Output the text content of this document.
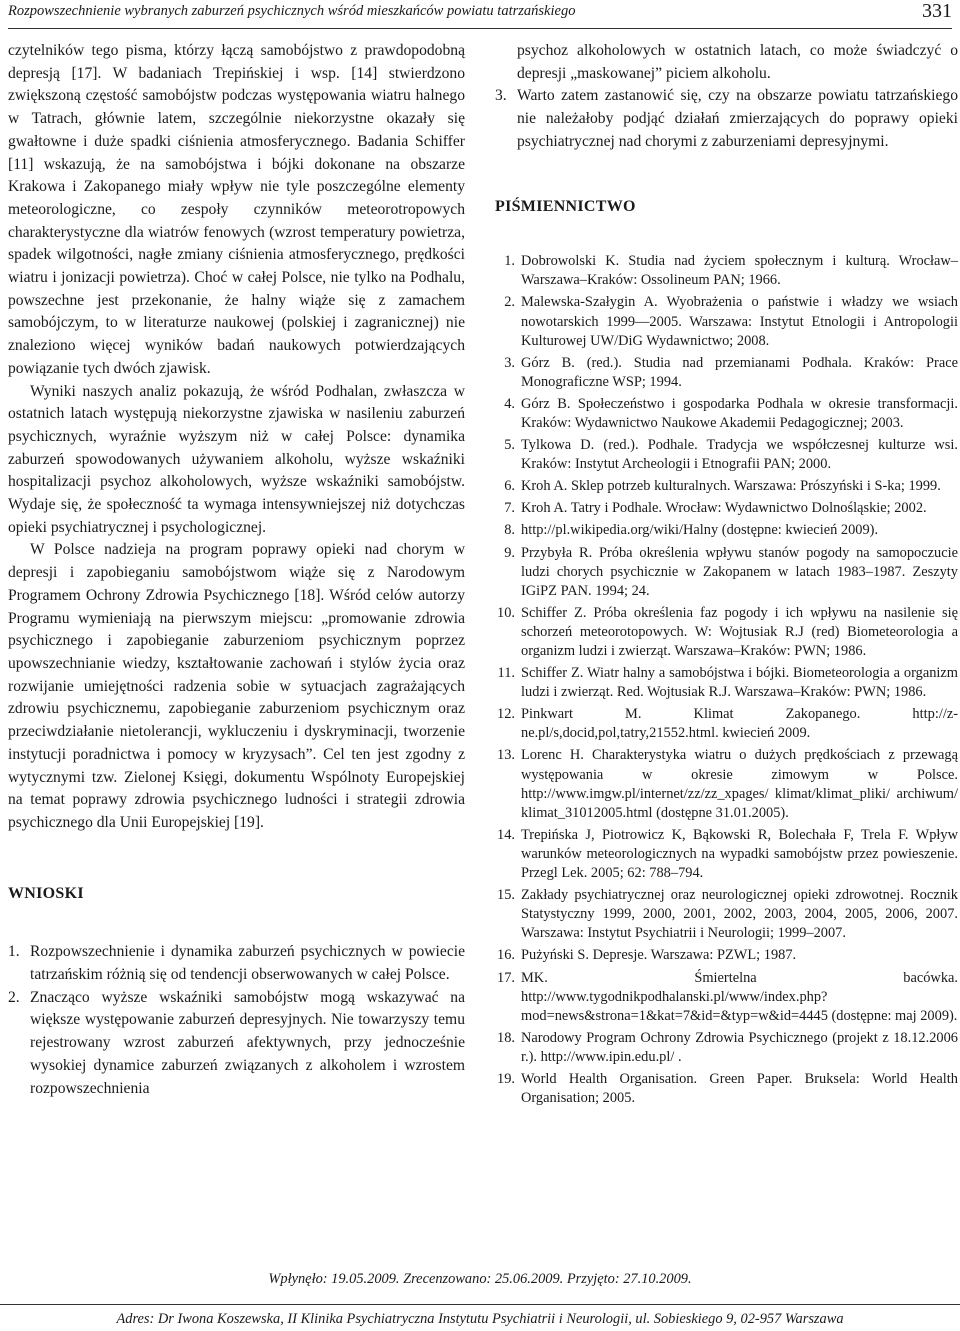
Rozpowszechnienie wybranych zaburzeń psychicznych wśród mieszkańców powiatu tatrzańskiego	331

czytelników tego pisma, którzy łączą samobójstwo z prawdopodobną depresją [17]. W badaniach Trepińskiej i wsp. [14] stwierdzono zwiększoną częstość samobójstw podczas występowania wiatru halnego w Tatrach, głównie latem, szczególnie niekorzystne okazały się gwałtowne i duże spadki ciśnienia atmosferycznego. Badania Schiffer [11] wskazują, że na samobójstwa i bójki dokonane na obszarze Krakowa i Zakopanego miały wpływ nie tyle poszczególne elementy meteorologiczne, co zespoły czynników meteorotropowych charakterystyczne dla wiatrów fenowych (wzrost temperatury powietrza, spadek wilgotności, nagłe zmiany ciśnienia atmosferycznego, prędkości wiatru i jonizacji powietrza). Choć w całej Polsce, nie tylko na Podhalu, powszechne jest przekonanie, że halny wiąże się z zamachem samobójczym, to w literaturze naukowej (polskiej i zagranicznej) nie znaleziono więcej wyników badań naukowych potwierdzających powiązanie tych dwóch zjawisk.

Wyniki naszych analiz pokazują, że wśród Podhalan, zwłaszcza w ostatnich latach występują niekorzystne zjawiska w nasileniu zaburzeń psychicznych, wyraźnie wyższym niż w całej Polsce: dynamika zaburzeń spowodowanych używaniem alkoholu, wyższe wskaźniki hospitalizacji psychoz alkoholowych, wyższe wskaźniki samobójstw. Wydaje się, że społeczność ta wymaga intensywniejszej niż dotychczas opieki psychiatrycznej i psychologicznej.

W Polsce nadzieja na program poprawy opieki nad chorym w depresji i zapobieganiu samobójstwom wiąże się z Narodowym Programem Ochrony Zdrowia Psychicznego [18]. Wśród celów autorzy Programu wymieniają na pierwszym miejscu: „promowanie zdrowia psychicznego i zapobieganie zaburzeniom psychicznym poprzez upowszechnianie wiedzy, kształtowanie zachowań i stylów życia oraz rozwijanie umiejętności radzenia sobie w sytuacjach zagrażających zdrowiu psychicznemu, zapobieganie zaburzeniom psychicznym oraz przeciwdziałanie nietolerancji, wykluczeniu i dyskryminacji, tworzenie instytucji poradnictwa i pomocy w kryzysach”. Cel ten jest zgodny z wytycznymi tzw. Zielonej Księgi, dokumentu Wspólnoty Europejskiej na temat poprawy zdrowia psychicznego ludności i strategii zdrowia psychicznego dla Unii Europejskiej [19].

WNIOSKI
1. Rozpowszechnienie i dynamika zaburzeń psychicznych w powiecie tatrzańskim różnią się od tendencji obserwowanych w całej Polsce.
2. Znacząco wyższe wskaźniki samobójstw mogą wskazywać na większe występowanie zaburzeń depresyjnych. Nie towarzyszy temu rejestrowany wzrost zaburzeń afektywnych, przy jednocześnie wysokiej dynamice zaburzeń związanych z alkoholem i wzrostem rozpowszechnienia
psychoz alkoholowych w ostatnich latach, co może świadczyć o depresji „maskowanej” piciem alkoholu.
3. Warto zatem zastanowić się, czy na obszarze powiatu tatrzańskiego nie należałoby podjąć działań zmierzających do poprawy opieki psychiatrycznej nad chorymi z zaburzeniami depresyjnymi.
PIŚMIENNICTWO
1. Dobrowolski K. Studia nad życiem społecznym i kulturą. Wrocław–Warszawa–Kraków: Ossolineum PAN; 1966.
2. Malewska-Szałygin A. Wyobrażenia o państwie i władzy we wsiach nowotarskich 1999—2005. Warszawa: Instytut Etnologii i Antropologii Kulturowej UW/DiG Wydawnictwo; 2008.
3. Górz B. (red.). Studia nad przemianami Podhala. Kraków: Prace Monograficzne WSP; 1994.
4. Górz B. Społeczeństwo i gospodarka Podhala w okresie transformacji. Kraków: Wydawnictwo Naukowe Akademii Pedagogicznej; 2003.
5. Tylkowa D. (red.). Podhale. Tradycja we współczesnej kulturze wsi. Kraków: Instytut Archeologii i Etnografii PAN; 2000.
6. Kroh A. Sklep potrzeb kulturalnych. Warszawa: Prószyński i S-ka; 1999.
7. Kroh A. Tatry i Podhale. Wrocław: Wydawnictwo Dolnośląskie; 2002.
8. http://pl.wikipedia.org/wiki/Halny (dostępne: kwiecień 2009).
9. Przybyła R. Próba określenia wpływu stanów pogody na samopoczucie ludzi chorych psychicznie w Zakopanem w latach 1983–1987. Zeszyty IGiPZ PAN. 1994; 24.
10. Schiffer Z. Próba określenia faz pogody i ich wpływu na nasilenie się schorzeń meteorotopowych. W: Wojtusiak R.J (red) Biometeorologia a organizm ludzi i zwierząt. Warszawa–Kraków: PWN; 1986.
11. Schiffer Z. Wiatr halny a samobójstwa i bójki. Biometeorologia a organizm ludzi i zwierząt. Red. Wojtusiak R.J. Warszawa–Kraków: PWN; 1986.
12. Pinkwart M. Klimat Zakopanego. http://z-ne.pl/s,docid,pol,tatry,21552.html. kwiecień 2009.
13. Lorenc H. Charakterystyka wiatru o dużych prędkościach z przewagą występowania w okresie zimowym w Polsce. http://www.imgw.pl/internet/zz/zz_xpages/ klimat/klimat_pliki/ archiwum/ klimat_31012005.html (dostępne 31.01.2005).
14. Trepińska J, Piotrowicz K, Bąkowski R, Bolechała F, Trela F. Wpływ warunków meteorologicznych na wypadki samobójstw przez powieszenie. Przegl Lek. 2005; 62: 788–794.
15. Zakłady psychiatrycznej oraz neurologicznej opieki zdrowotnej. Rocznik Statystyczny 1999, 2000, 2001, 2002, 2003, 2004, 2005, 2006, 2007. Warszawa: Instytut Psychiatrii i Neurologii; 1999–2007.
16. Pużyński S. Depresje. Warszawa: PZWL; 1987.
17. MK. Śmiertelna bacówka. http://www.tygodnikpodhalanski.pl/www/index.php?mod=news&strona=1&kat=7&id=&typ=w&id=4445 (dostępne: maj 2009).
18. Narodowy Program Ochrony Zdrowia Psychicznego (projekt z 18.12.2006 r.). http://www.ipin.edu.pl/ .
19. World Health Organisation. Green Paper. Bruksela: World Health Organisation; 2005.
Wpłynęło: 19.05.2009. Zrecenzowano: 25.06.2009. Przyjęto: 27.10.2009.
Adres: Dr Iwona Koszewska, II Klinika Psychiatryczna Instytutu Psychiatrii i Neurologii, ul. Sobieskiego 9, 02-957 Warszawa
